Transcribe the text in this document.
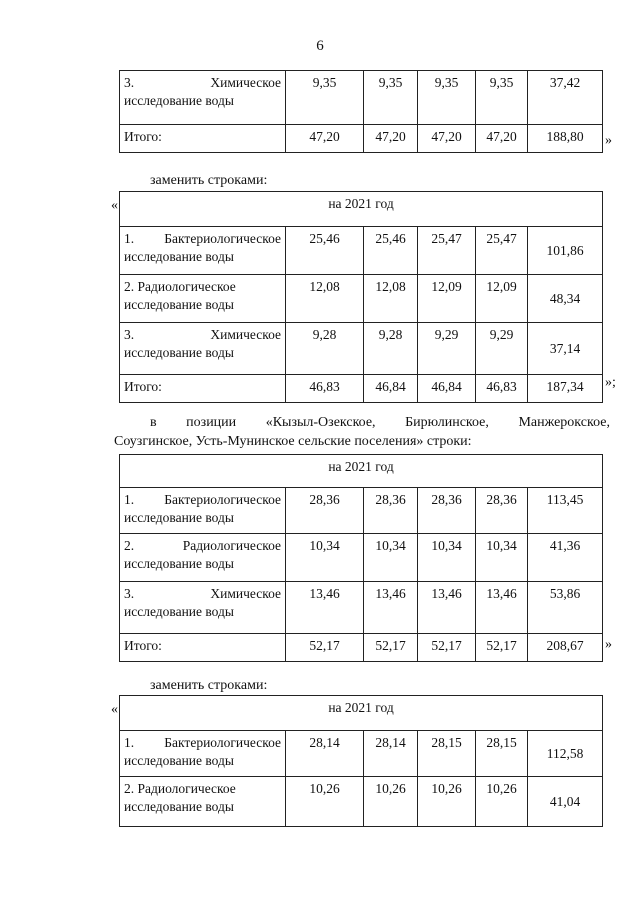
6
3. Химическое
исследование воды	9,35	9,35	9,35	9,35	37,42
Итого:	47,20	47,20	47,20	47,20	188,80 »
заменить строками:
«	на 2021 год					

1. Бактериологическое
исследование воды	25,46	25,46	25,47	25,47	101,86

2. Радиологическое
исследование воды	12,08	12,08	12,09	12,09	48,34

3. Химическое
исследование воды	9,28	9,28	9,29	9,29	37,14
Итого:	46,83	46,84	46,84	46,83	187,34 »;
в позиции «Кызыл-Озекское, Бирюлинское, Манжерокское,
Соузгинское, Усть-Мунинское сельские поселения» строки:
на 2021 год					

1. Бактериологическое
исследование воды	28,36	28,36	28,36	28,36	113,45

2. Радиологическое
исследование воды	10,34	10,34	10,34	10,34	41,36

3. Химическое
исследование воды	13,46	13,46	13,46	13,46	53,86
Итого:	52,17	52,17	52,17	52,17	208,67 »
заменить строками:
«	на 2021 год					

1. Бактериологическое
исследование воды	28,14	28,14	28,15	28,15	112,58

2. Радиологическое
исследование воды	10,26	10,26	10,26	10,26	41,04
